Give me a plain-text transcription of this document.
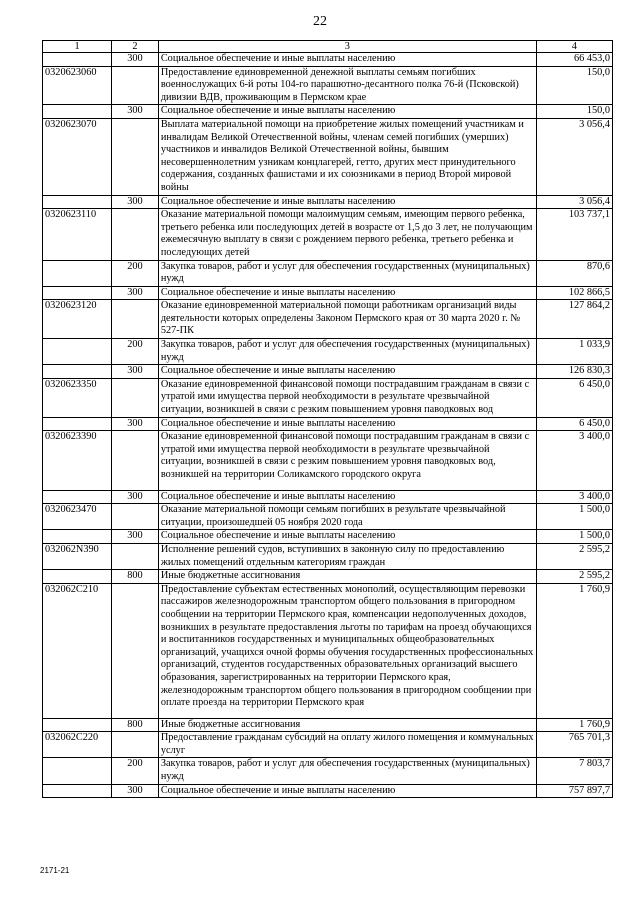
22
1	2	3	4
	300	Социальное обеспечение и иные выплаты населению	66 453,0
0320623060		Предоставление единовременной денежной выплаты семьям погибших военнослужащих 6-й роты 104-го парашютно-десантного полка 76-й (Псковской) дивизии ВДВ, проживающим в Пермском крае	150,0
	300	Социальное обеспечение и иные выплаты населению	150,0
0320623070		Выплата материальной помощи на приобретение жилых помещений участникам и инвалидам Великой Отечественной войны, членам семей погибших (умерших) участников и инвалидов Великой Отечественной войны, бывшим несовершеннолетним узникам концлагерей, гетто, других мест принудительного содержания, созданных фашистами и их союзниками в период Второй мировой войны	3 056,4
	300	Социальное обеспечение и иные выплаты населению	3 056,4
0320623110		Оказание материальной помощи малоимущим семьям, имеющим первого ребенка, третьего ребенка или последующих детей в возрасте от 1,5 до 3 лет, не получающим ежемесячную выплату в связи с рождением первого ребенка, третьего ребенка и последующих детей	103 737,1
	200	Закупка товаров, работ и услуг для обеспечения государственных (муниципальных) нужд	870,6
	300	Социальное обеспечение и иные выплаты населению	102 866,5
0320623120		Оказание единовременной материальной помощи работникам организаций виды деятельности которых определены Законом Пермского края от 30 марта 2020 г. № 527-ПК	127 864,2
	200	Закупка товаров, работ и услуг для обеспечения государственных (муниципальных) нужд	1 033,9
	300	Социальное обеспечение и иные выплаты населению	126 830,3
0320623350		Оказание единовременной финансовой помощи пострадавшим гражданам в связи с утратой ими имущества первой необходимости в результате чрезвычайной ситуации, возникшей в связи с резким повышением уровня паводковых вод	6 450,0
	300	Социальное обеспечение и иные выплаты населению	6 450,0
0320623390		Оказание единовременной финансовой помощи пострадавшим гражданам в связи с утратой ими имущества первой необходимости в результате чрезвычайной ситуации, возникшей в связи с резким повышением уровня паводковых вод, возникшей на территории Соликамского городского округа	3 400,0
	300	Социальное обеспечение и иные выплаты населению	3 400,0
0320623470		Оказание материальной помощи семьям погибших в результате чрезвычайной ситуации, произошедшей 05 ноября 2020 года	1 500,0
	300	Социальное обеспечение и иные выплаты населению	1 500,0
032062N390		Исполнение решений судов, вступивших в законную силу по предоставлению жилых помещений отдельным категориям граждан	2 595,2
	800	Иные бюджетные ассигнования	2 595,2
032062С210		Предоставление субъектам естественных монополий, осуществляющим перевозки пассажиров железнодорожным транспортом общего пользования в пригородном сообщении на территории Пермского края, компенсации недополученных доходов, возникших в результате предоставления льготы по тарифам на проезд обучающихся и воспитанников государственных и муниципальных общеобразовательных организаций, учащихся очной формы обучения государственных профессиональных организаций, студентов государственных образовательных организаций высшего образования, зарегистрированных на территории Пермского края, железнодорожным транспортом общего пользования в пригородном сообщении при оплате проезда на территории Пермского края	1 760,9
	800	Иные бюджетные ассигнования	1 760,9
032062С220		Предоставление гражданам субсидий на оплату жилого помещения и коммунальных услуг	765 701,3
	200	Закупка товаров, работ и услуг для обеспечения государственных (муниципальных) нужд	7 803,7
	300	Социальное обеспечение и иные выплаты населению	757 897,7
2171-21
